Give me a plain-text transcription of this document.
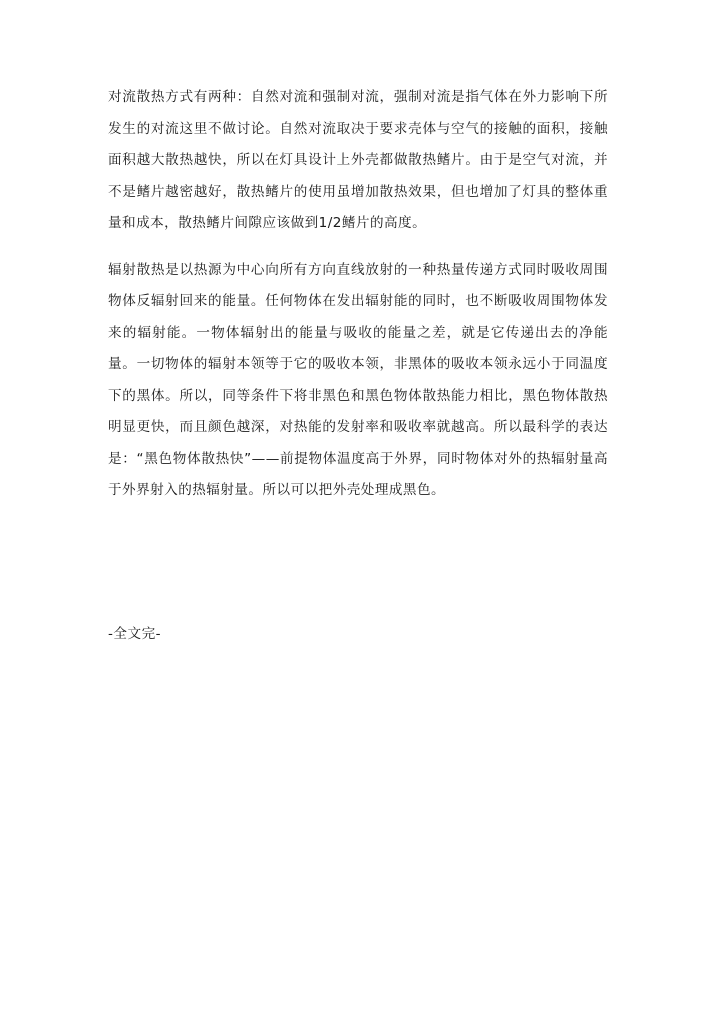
对流散热方式有两种：自然对流和强制对流，强制对流是指气体在外力影响下所发生的对流这里不做讨论。自然对流取决于要求壳体与空气的接触的面积，接触面积越大散热越快，所以在灯具设计上外壳都做散热鳍片。由于是空气对流，并不是鳍片越密越好，散热鳍片的使用虽增加散热效果，但也增加了灯具的整体重量和成本，散热鳍片间隙应该做到1/2鳍片的高度。

辐射散热是以热源为中心向所有方向直线放射的一种热量传递方式同时吸收周围物体反辐射回来的能量。任何物体在发出辐射能的同时，也不断吸收周围物体发来的辐射能。一物体辐射出的能量与吸收的能量之差，就是它传递出去的净能量。一切物体的辐射本领等于它的吸收本领，非黑体的吸收本领永远小于同温度下的黑体。所以，同等条件下将非黑色和黑色物体散热能力相比，黑色物体散热明显更快，而且颜色越深，对热能的发射率和吸收率就越高。所以最科学的表达是：“黑色物体散热快”——前提物体温度高于外界，同时物体对外的热辐射量高于外界射入的热辐射量。所以可以把外壳处理成黑色。

-全文完-
